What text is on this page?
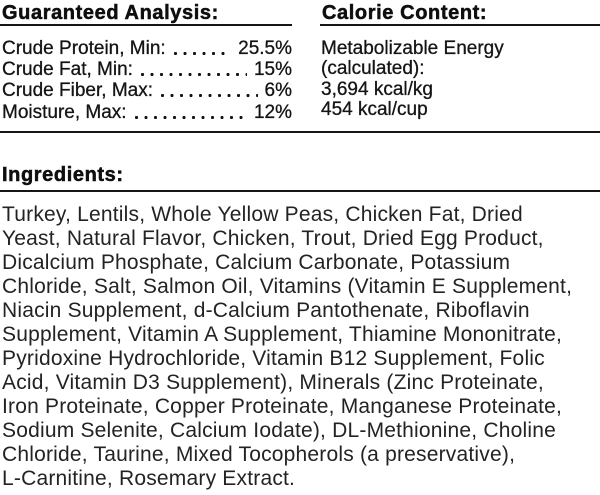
Guaranteed Analysis:
Crude Protein, Min:	25.5%
Crude Fat, Min:	15%
Crude Fiber, Max:	6%
Moisture, Max:	12%
Calorie Content:
Metabolizable Energy
(calculated):
3,694 kcal/kg
454 kcal/cup
Ingredients:
Turkey, Lentils, Whole Yellow Peas, Chicken Fat, Dried
Yeast, Natural Flavor, Chicken, Trout, Dried Egg Product,
Dicalcium Phosphate, Calcium Carbonate, Potassium
Chloride, Salt, Salmon Oil, Vitamins (Vitamin E Supplement,
Niacin Supplement, d-Calcium Pantothenate, Riboflavin
Supplement, Vitamin A Supplement, Thiamine Mononitrate,
Pyridoxine Hydrochloride, Vitamin B12 Supplement, Folic
Acid, Vitamin D3 Supplement), Minerals (Zinc Proteinate,
Iron Proteinate, Copper Proteinate, Manganese Proteinate,
Sodium Selenite, Calcium Iodate), DL-Methionine, Choline
Chloride, Taurine, Mixed Tocopherols (a preservative),
L-Carnitine, Rosemary Extract.
